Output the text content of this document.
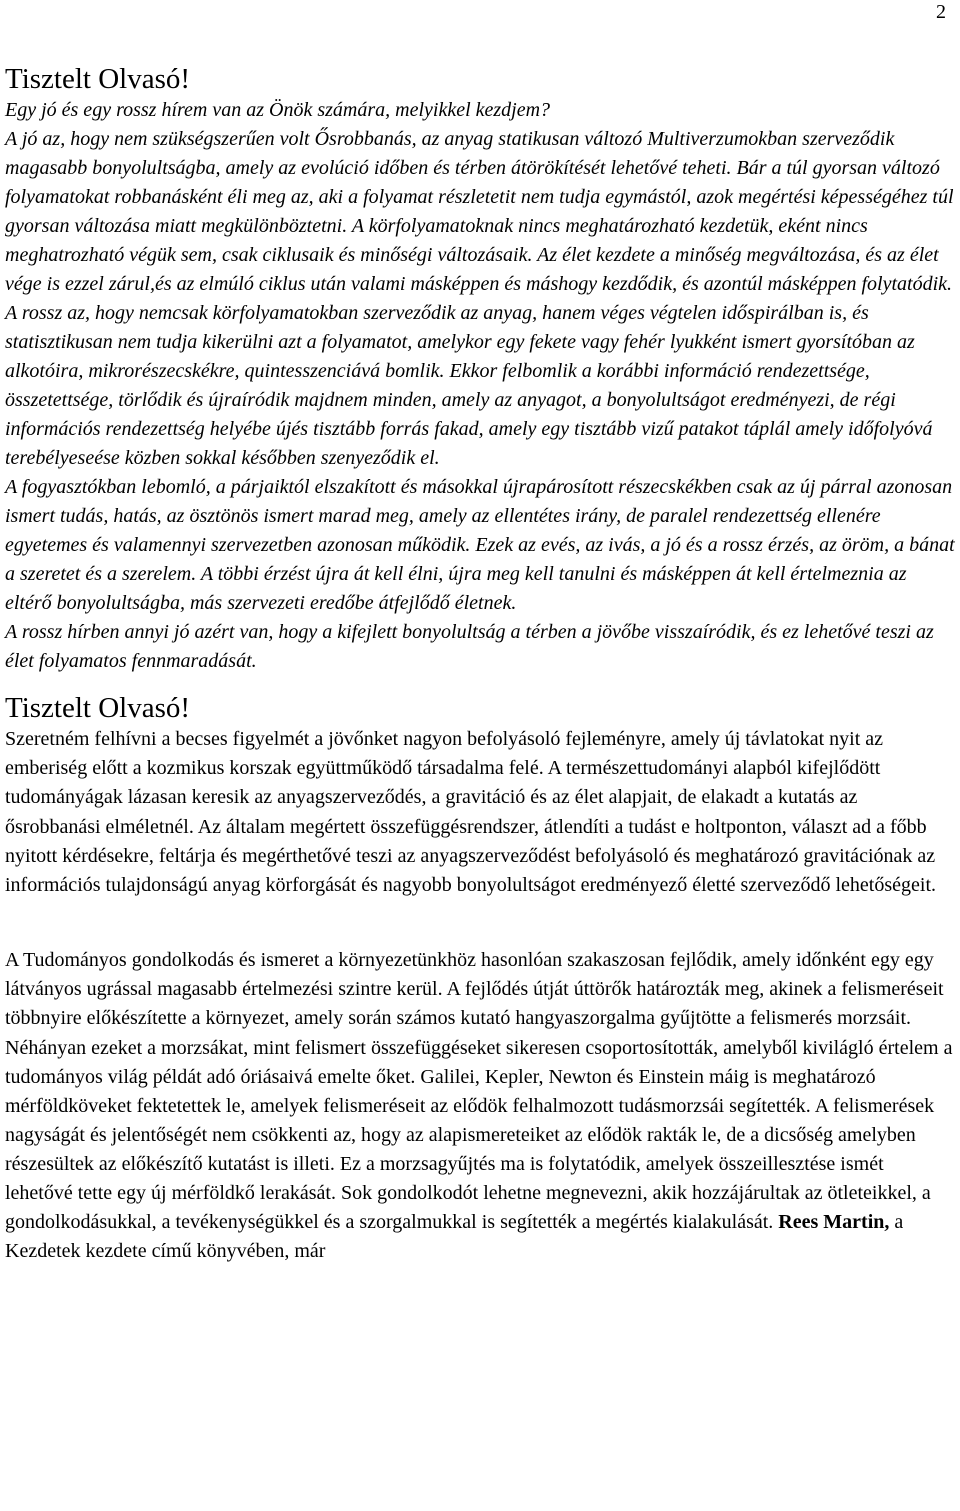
2
Tisztelt Olvasó!

Egy jó és egy rossz hírem van az Önök számára, melyikkel kezdjem?

A jó az, hogy nem szükségszerűen volt Ősrobbanás, az anyag statikusan változó Multiverzumokban szerveződik magasabb bonyolultságba, amely az evolúció időben és térben átörökítését lehetővé teheti. Bár a túl gyorsan változó folyamatokat robbanásként éli meg az, aki a folyamat részletetit nem tudja egymástól, azok megértési képességéhez túl gyorsan változása miatt megkülönböztetni. A körfolyamatoknak nincs meghatározható kezdetük, eként nincs meghatrozható végük sem, csak ciklusaik és minőségi változásaik. Az élet kezdete a minőség megváltozása, és az élet vége is ezzel zárul,és az elmúló ciklus után valami másképpen és máshogy kezdődik, és azontúl másképpen folytatódik.

A rossz az, hogy nemcsak körfolyamatokban szerveződik az anyag, hanem véges végtelen időspirálban is, és statisztikusan nem tudja kikerülni azt a folyamatot, amelykor egy fekete vagy fehér lyukként ismert gyorsítóban az alkotóira, mikrorészecskékre, quintesszenciává bomlik. Ekkor felbomlik a korábbi információ rendezettsége, összetettsége, törlődik és újraíródik majdnem minden, amely az anyagot, a bonyolultságot eredményezi, de régi információs rendezettség helyébe újés tisztább forrás fakad, amely egy tisztább vizű patakot táplál amely időfolyóvá terebélyeseése közben sokkal későbben szenyeződik el.

A fogyasztókban lebomló, a párjaiktól elszakított és másokkal újrapárosított részecskékben csak az új párral azonosan ismert tudás, hatás, az ösztönös ismert marad meg, amely az ellentétes irány, de paralel rendezettség ellenére egyetemes és valamennyi szervezetben azonosan működik. Ezek az evés, az ivás, a jó és a rossz érzés, az öröm, a bánat a szeretet és a szerelem. A többi érzést újra át kell élni, újra meg kell tanulni és másképpen át kell értelmeznia az eltérő bonyolultságba, más szervezeti eredőbe átfejlődő életnek.

A rossz hírben annyi jó azért van, hogy a kifejlett bonyolultság a térben a jövőbe visszaíródik, és ez lehetővé teszi az élet folyamatos fennmaradását.

Tisztelt Olvasó!

Szeretném felhívni a becses figyelmét a jövőnket nagyon befolyásoló fejleményre, amely új távlatokat nyit az emberiség előtt a kozmikus korszak együttműködő társadalma felé. A természettudományi alapból kifejlődött tudományágak lázasan keresik az anyagszerveződés, a gravitáció és az élet alapjait, de elakadt a kutatás az ősrobbanási elméletnél. Az általam megértett összefüggésrendszer, átlendíti a tudást e holtponton, választ ad a főbb nyitott kérdésekre, feltárja és megérthetővé teszi az anyagszerveződést befolyásoló és meghatározó gravitációnak az információs tulajdonságú anyag körforgását és nagyobb bonyolultságot eredményező életté szerveződő lehetőségeit.

A Tudományos gondolkodás és ismeret a környezetünkhöz hasonlóan szakaszosan fejlődik, amely időnként egy egy látványos ugrással magasabb értelmezési szintre kerül. A fejlődés útját úttörők határozták meg, akinek a felismeréseit többnyire előkészítette a környezet, amely során számos kutató hangyaszorgalma gyűjtötte a felismerés morzsáit. Néhányan ezeket a morzsákat, mint felismert összefüggéseket sikeresen csoportosították, amelyből kivilágló értelem a tudományos világ példát adó óriásaivá emelte őket. Galilei, Kepler, Newton és Einstein máig is meghatározó mérföldköveket fektetettek le, amelyek felismeréseit az elődök felhalmozott tudásmorzsái segítették. A felismerések nagyságát és jelentőségét nem csökkenti az, hogy az alapismereteiket az elődök rakták le, de a dicsőség amelyben részesültek az előkészítő kutatást is illeti. Ez a morzsagyűjtés ma is folytatódik, amelyek összeillesztése ismét lehetővé tette egy új mérföldkő lerakását. Sok gondolkodót lehetne megnevezni, akik hozzájárultak az ötleteikkel, a gondolkodásukkal, a tevékenységükkel és a szorgalmukkal is segítették a megértés kialakulását. Rees Martin, a Kezdetek kezdete című könyvében, már
